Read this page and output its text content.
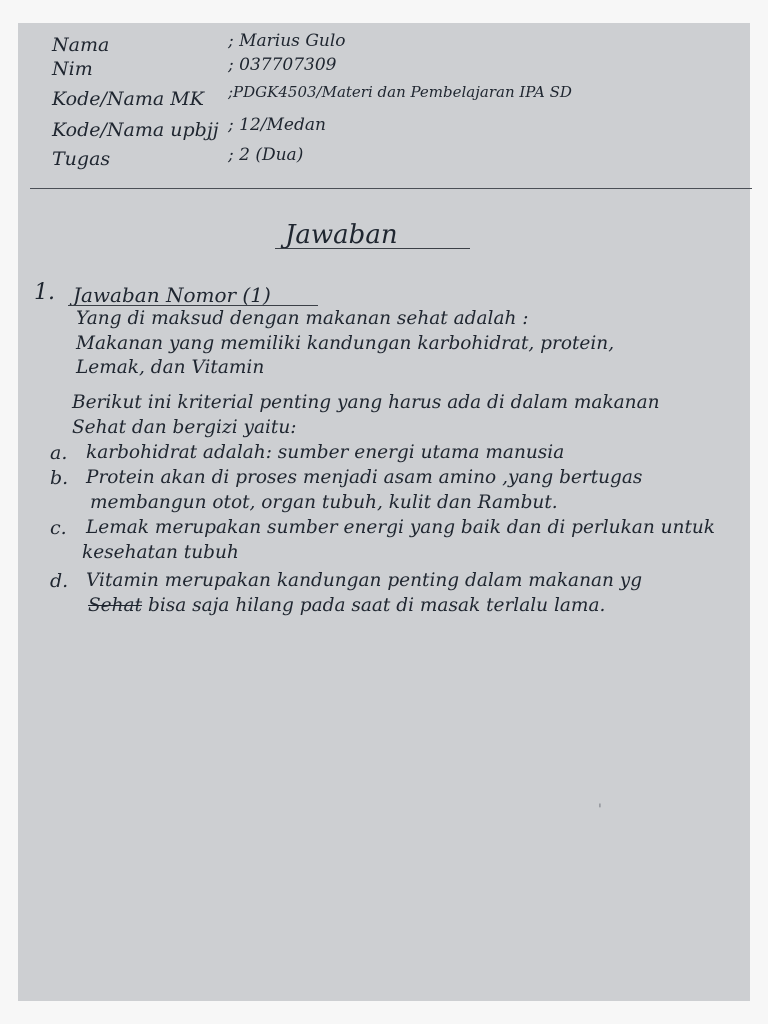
Nama	; Marius Gulo
Nim	; 037707309
Kode/Nama MK ;PDGK4503/Materi dan Pembelajaran IPA SD
Kode/Nama upbjj ; 12/Medan
Tugas	; 2 (Dua)
Jawaban
1. Jawaban Nomor (1)
Yang di maksud dengan makanan sehat adalah :
Makanan yang memiliki kandungan karbohidrat, protein,
Lemak, dan Vitamin
Berikut ini kriterial penting yang harus ada di dalam makanan
Sehat dan bergizi yaitu:
a. karbohidrat adalah: sumber energi utama manusia
b. Protein akan di proses menjadi asam amino ,yang bertugas
membangun otot, organ tubuh, kulit dan Rambut.
c. Lemak merupakan sumber energi yang baik dan di perlukan untuk
kesehatan tubuh
d. Vitamin merupakan kandungan penting dalam makanan yg
Sehat bisa saja hilang pada saat di masak terlalu lama.
'
